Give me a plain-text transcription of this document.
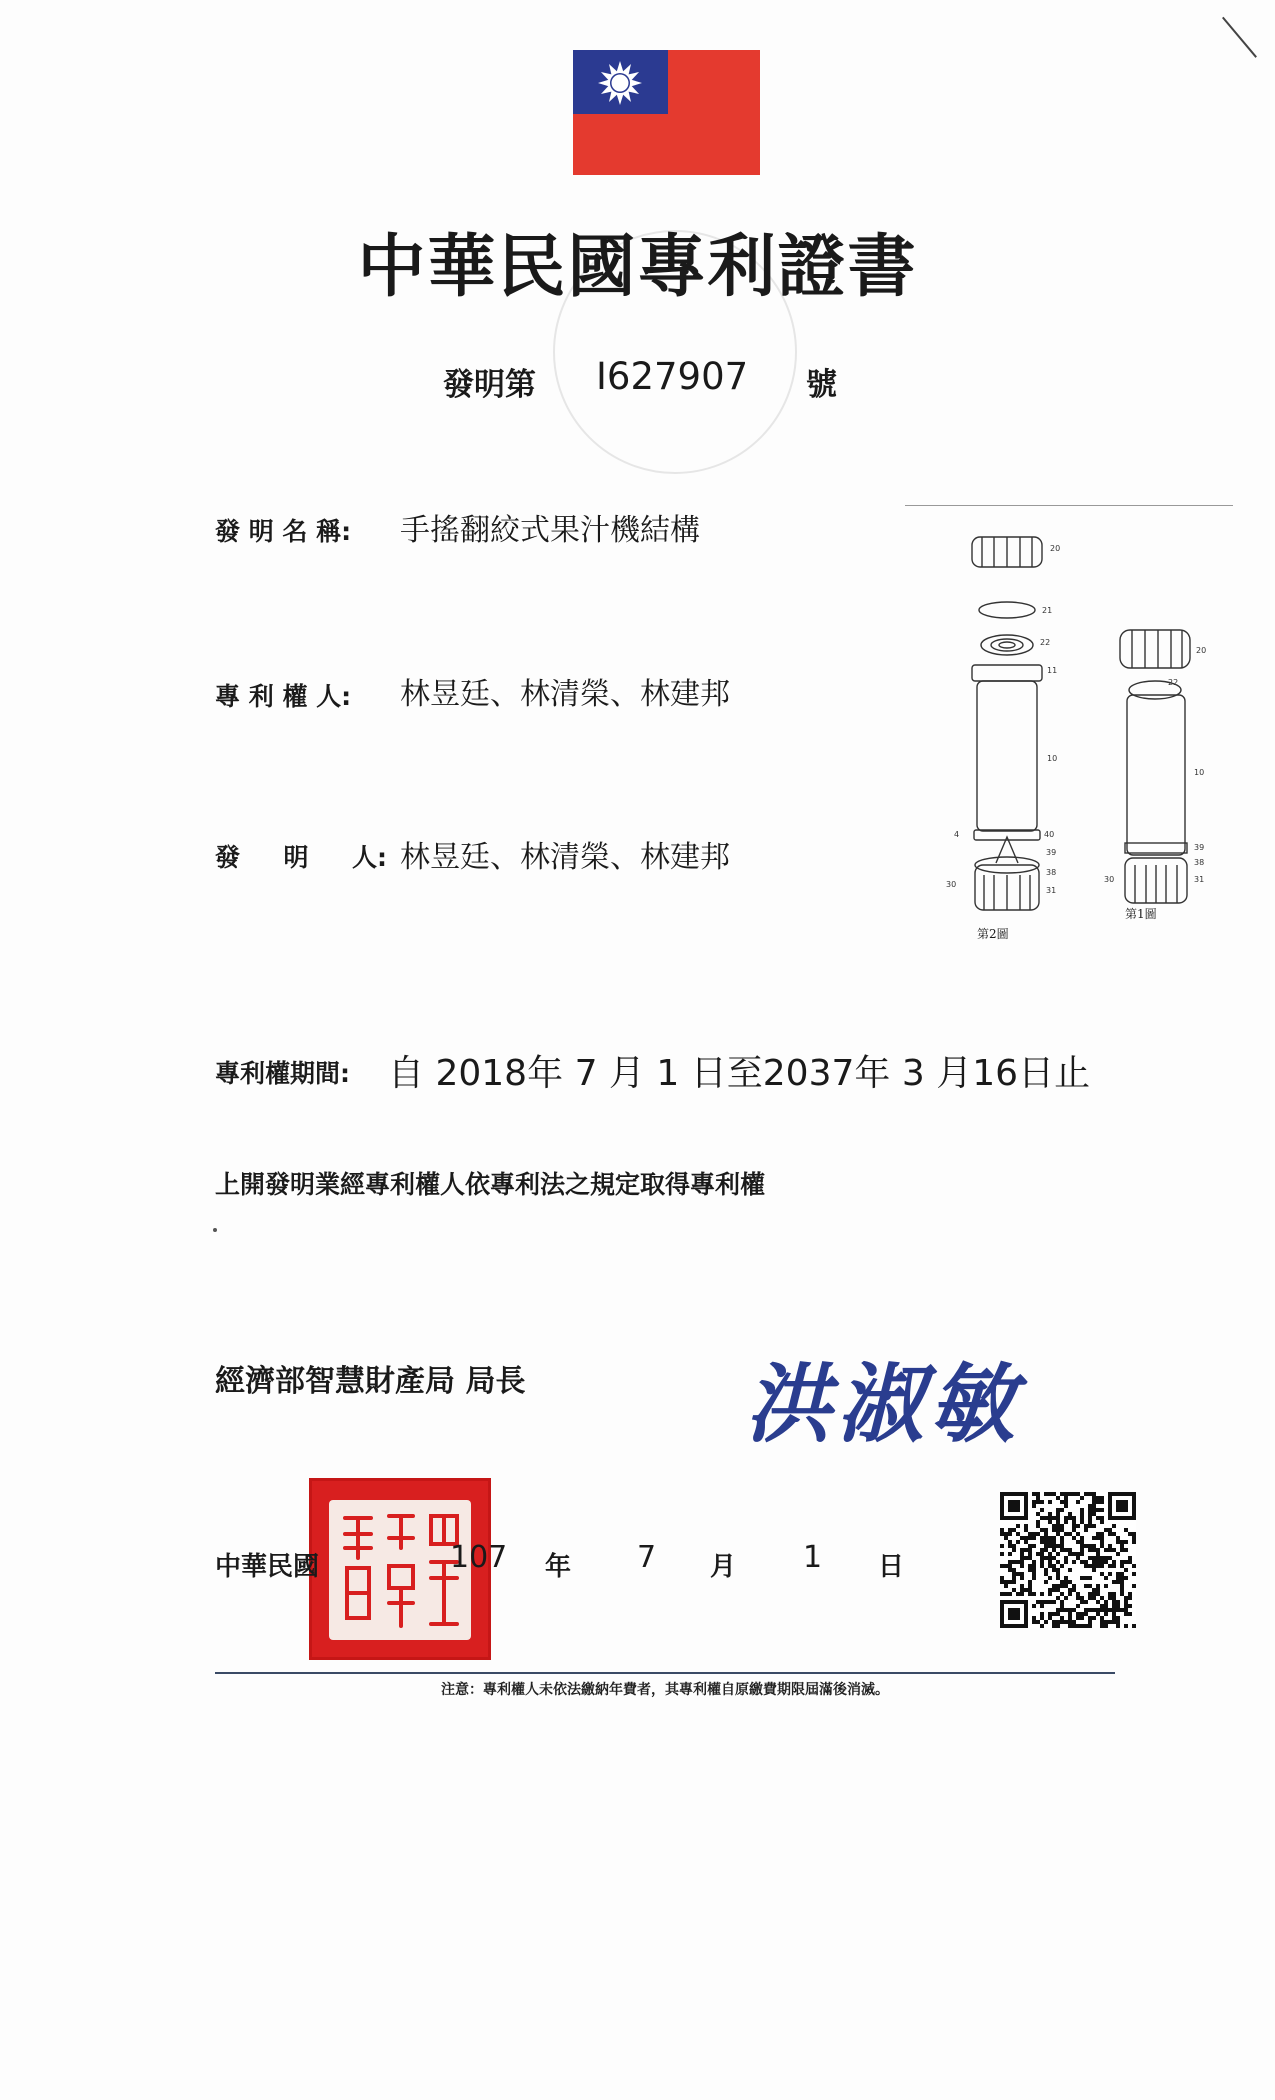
中華民國專利證書
發明第 I627907 號
發 明 名 稱: 手搖翻絞式果汁機結構
專 利 權 人: 林昱廷、林清榮、林建邦
發     明     人: 林昱廷、林清榮、林建邦
20
21
22
11
10
4	40
39
38
30
31
20
22
10
39
38
30	31
第2圖
第1圖
專利權期間: 自 2018年 7 月 1 日至2037年 3 月16日止
上開發明業經專利權人依專利法之規定取得專利權
經濟部智慧財產局 局長	洪淑敏
中華民國	107 年 7 月 1 日
注意：專利權人未依法繳納年費者，其專利權自原繳費期限屆滿後消滅。
